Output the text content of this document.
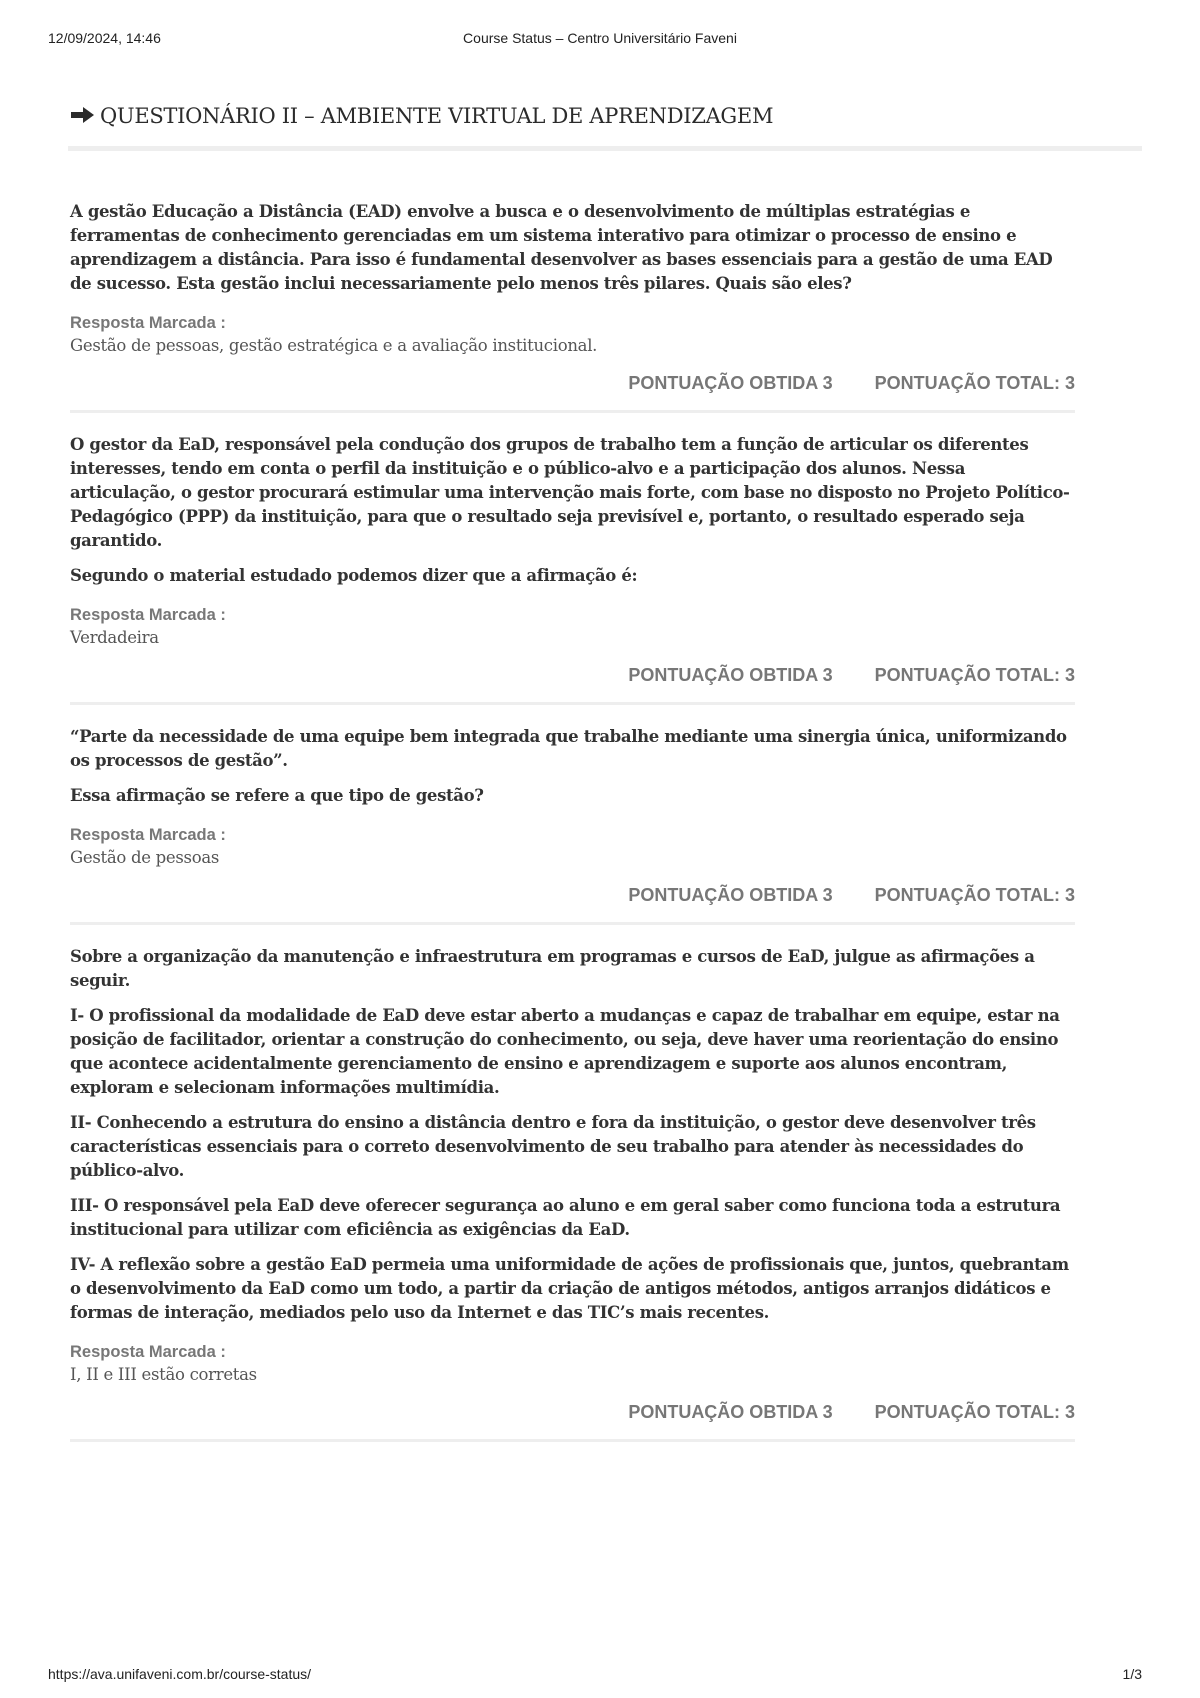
12/09/2024, 14:46	Course Status – Centro Universitário Faveni
QUESTIONÁRIO II – AMBIENTE VIRTUAL DE APRENDIZAGEM

A gestão Educação a Distância (EAD) envolve a busca e o desenvolvimento de múltiplas estratégias e ferramentas de conhecimento gerenciadas em um sistema interativo para otimizar o processo de ensino e aprendizagem a distância. Para isso é fundamental desenvolver as bases essenciais para a gestão de uma EAD de sucesso. Esta gestão inclui necessariamente pelo menos três pilares. Quais são eles?

Resposta Marcada :
Gestão de pessoas, gestão estratégica e a avaliação institucional.
PONTUAÇÃO OBTIDA 3 PONTUAÇÃO TOTAL: 3

O gestor da EaD, responsável pela condução dos grupos de trabalho tem a função de articular os diferentes interesses, tendo em conta o perfil da instituição e o público-alvo e a participação dos alunos. Nessa articulação, o gestor procurará estimular uma intervenção mais forte, com base no disposto no Projeto Político-Pedagógico (PPP) da instituição, para que o resultado seja previsível e, portanto, o resultado esperado seja garantido.

Segundo o material estudado podemos dizer que a afirmação é:

Resposta Marcada :
Verdadeira
PONTUAÇÃO OBTIDA 3 PONTUAÇÃO TOTAL: 3

“Parte da necessidade de uma equipe bem integrada que trabalhe mediante uma sinergia única, uniformizando os processos de gestão”.

Essa afirmação se refere a que tipo de gestão?

Resposta Marcada :
Gestão de pessoas
PONTUAÇÃO OBTIDA 3 PONTUAÇÃO TOTAL: 3

Sobre a organização da manutenção e infraestrutura em programas e cursos de EaD, julgue as afirmações a seguir.

I- O profissional da modalidade de EaD deve estar aberto a mudanças e capaz de trabalhar em equipe, estar na posição de facilitador, orientar a construção do conhecimento, ou seja, deve haver uma reorientação do ensino que acontece acidentalmente gerenciamento de ensino e aprendizagem e suporte aos alunos encontram, exploram e selecionam informações multimídia.

II- Conhecendo a estrutura do ensino a distância dentro e fora da instituição, o gestor deve desenvolver três características essenciais para o correto desenvolvimento de seu trabalho para atender às necessidades do público-alvo.

III- O responsável pela EaD deve oferecer segurança ao aluno e em geral saber como funciona toda a estrutura institucional para utilizar com eficiência as exigências da EaD.

IV- A reflexão sobre a gestão EaD permeia uma uniformidade de ações de profissionais que, juntos, quebrantam o desenvolvimento da EaD como um todo, a partir da criação de antigos métodos, antigos arranjos didáticos e formas de interação, mediados pelo uso da Internet e das TIC’s mais recentes.

Resposta Marcada :
I, II e III estão corretas
PONTUAÇÃO OBTIDA 3 PONTUAÇÃO TOTAL: 3
https://ava.unifaveni.com.br/course-status/	1/3
